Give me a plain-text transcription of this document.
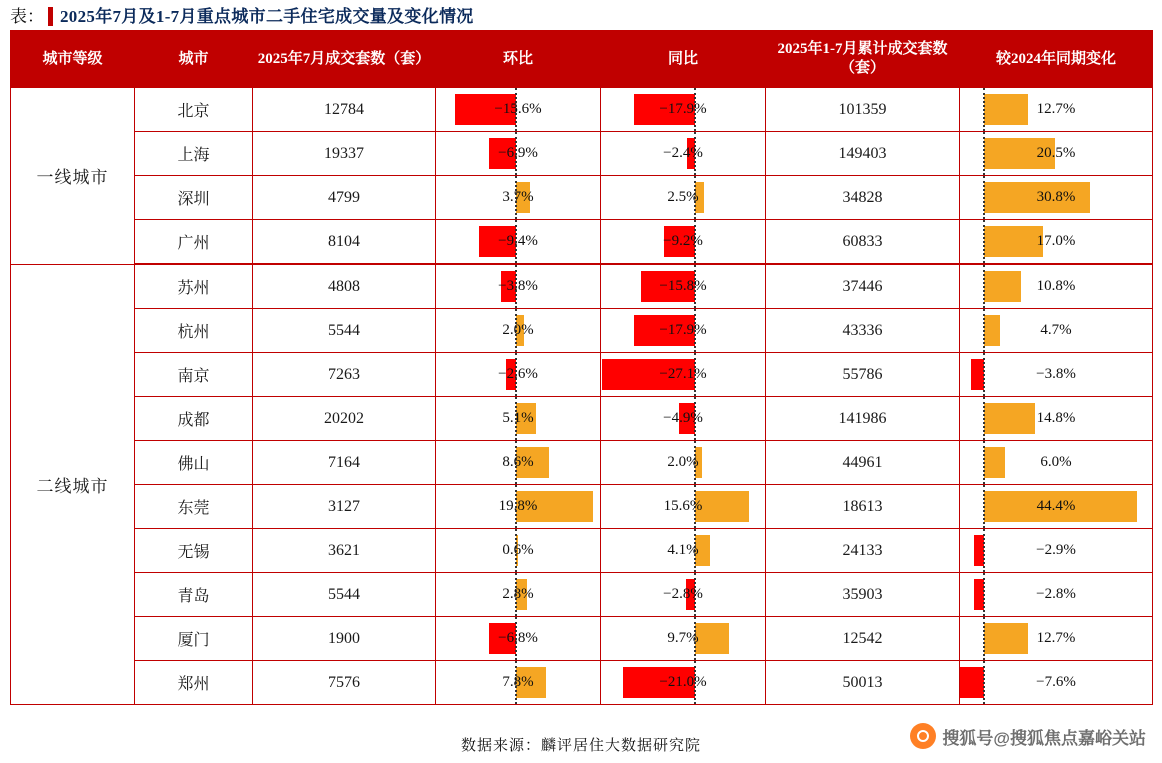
表： 2025年7月及1-7月重点城市二手住宅成交量及变化情况
城市等级	城市	2025年7月成交套数（套）	环比	同比	2025年1-7月累计成交套数（套）	较2024年同期变化
一线城市	北京	12784	−15.6%	−17.9%	101359	12.7%

	上海	19337	−6.9%	−2.4%	149403	20.5%

	深圳	4799	3.7%	2.5%	34828	30.8%

	广州	8104	−9.4%	−9.2%	60833	17.0%

二线城市	苏州	4808	−3.8%	−15.8%	37446	10.8%

	杭州	5544	2.0%	−17.9%	43336	4.7%

	南京	7263	−2.6%	−27.1%	55786	−3.8%

	成都	20202	5.1%	−4.9%	141986	14.8%

	佛山	7164	8.6%	2.0%	44961	6.0%

	东莞	3127	19.8%	15.6%	18613	44.4%

	无锡	3621	0.6%	4.1%	24133	−2.9%

	青岛	5544	2.8%	−2.8%	35903	−2.8%

	厦门	1900	−6.8%	9.7%	12542	12.7%

	郑州	7576	7.8%	−21.0%	50013	−7.6%
数据来源：麟评居住大数据研究院	搜狐号@搜狐焦点嘉峪关站
